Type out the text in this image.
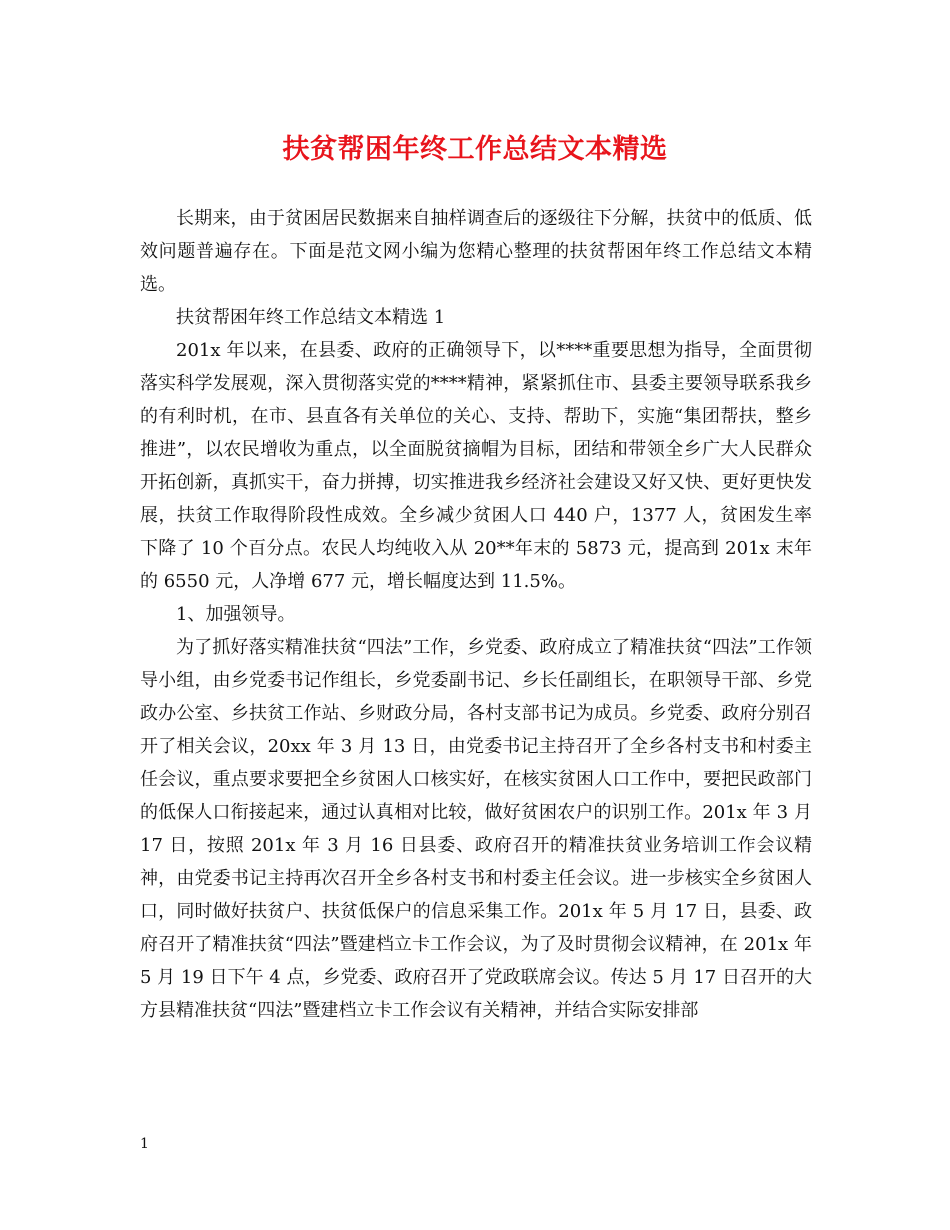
扶贫帮困年终工作总结文本精选

长期来，由于贫困居民数据来自抽样调查后的逐级往下分解，扶贫中的低质、低效问题普遍存在。下面是范文网小编为您精心整理的扶贫帮困年终工作总结文本精选。

扶贫帮困年终工作总结文本精选 1

201x 年以来，在县委、政府的正确领导下，以****重要思想为指导，全面贯彻落实科学发展观，深入贯彻落实党的****精神，紧紧抓住市、县委主要领导联系我乡的有利时机，在市、县直各有关单位的关心、支持、帮助下，实施“集团帮扶，整乡推进”，以农民增收为重点，以全面脱贫摘帽为目标，团结和带领全乡广大人民群众开拓创新，真抓实干，奋力拼搏，切实推进我乡经济社会建设又好又快、更好更快发展，扶贫工作取得阶段性成效。全乡减少贫困人口 440 户，1377 人，贫困发生率下降了 10 个百分点。农民人均纯收入从 20**年末的 5873 元，提高到 201x 末年的 6550 元，人净增 677 元，增长幅度达到 11.5%。

1、加强领导。

为了抓好落实精准扶贫“四法”工作，乡党委、政府成立了精准扶贫“四法”工作领导小组，由乡党委书记作组长，乡党委副书记、乡长任副组长，在职领导干部、乡党政办公室、乡扶贫工作站、乡财政分局，各村支部书记为成员。乡党委、政府分别召开了相关会议，20xx 年 3 月 13 日，由党委书记主持召开了全乡各村支书和村委主任会议，重点要求要把全乡贫困人口核实好，在核实贫困人口工作中，要把民政部门的低保人口衔接起来，通过认真相对比较，做好贫困农户的识别工作。201x 年 3 月 17 日，按照 201x 年 3 月 16 日县委、政府召开的精准扶贫业务培训工作会议精神，由党委书记主持再次召开全乡各村支书和村委主任会议。进一步核实全乡贫困人口，同时做好扶贫户、扶贫低保户的信息采集工作。201x 年 5 月 17 日，县委、政府召开了精准扶贫“四法”暨建档立卡工作会议，为了及时贯彻会议精神，在 201x 年 5 月 19 日下午 4 点，乡党委、政府召开了党政联席会议。传达 5 月 17 日召开的大方县精准扶贫“四法”暨建档立卡工作会议有关精神，并结合实际安排部

1
